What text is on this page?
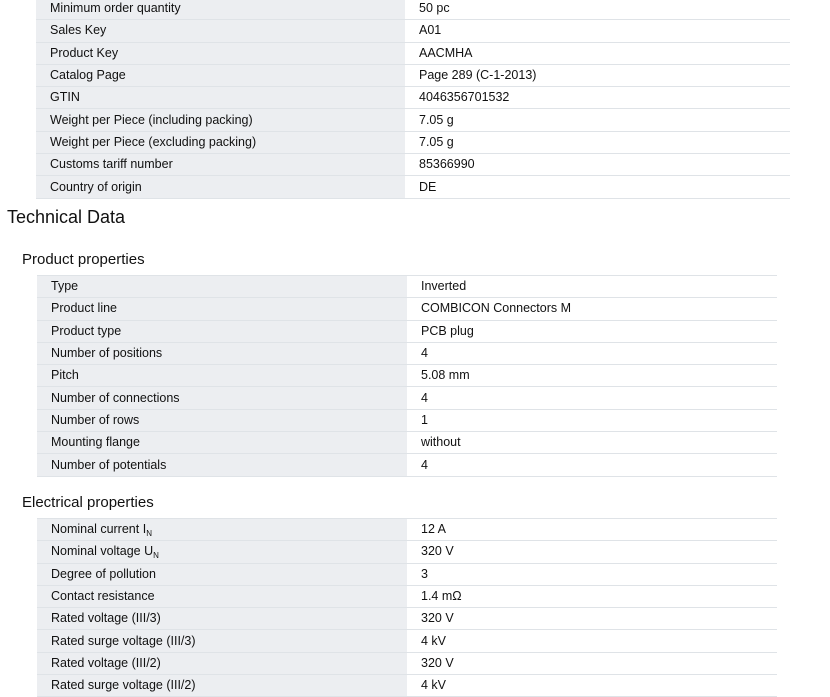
Minimum order quantity	50 pc
Sales Key	A01
Product Key	AACMHA
Catalog Page	Page 289 (C-1-2013)
GTIN	4046356701532
Weight per Piece (including packing)	7.05 g
Weight per Piece (excluding packing)	7.05 g
Customs tariff number	85366990
Country of origin	DE
Technical Data
Product properties
Type	Inverted
Product line	COMBICON Connectors M
Product type	PCB plug
Number of positions	4
Pitch	5.08 mm
Number of connections	4
Number of rows	1
Mounting flange	without
Number of potentials	4
Electrical properties
Nominal current $I_N$	12 A
Nominal voltage $U_N$	320 V
Degree of pollution	3
Contact resistance	1.4 mΩ
Rated voltage (III/3)	320 V
Rated surge voltage (III/3)	4 kV
Rated voltage (III/2)	320 V
Rated surge voltage (III/2)	4 kV
